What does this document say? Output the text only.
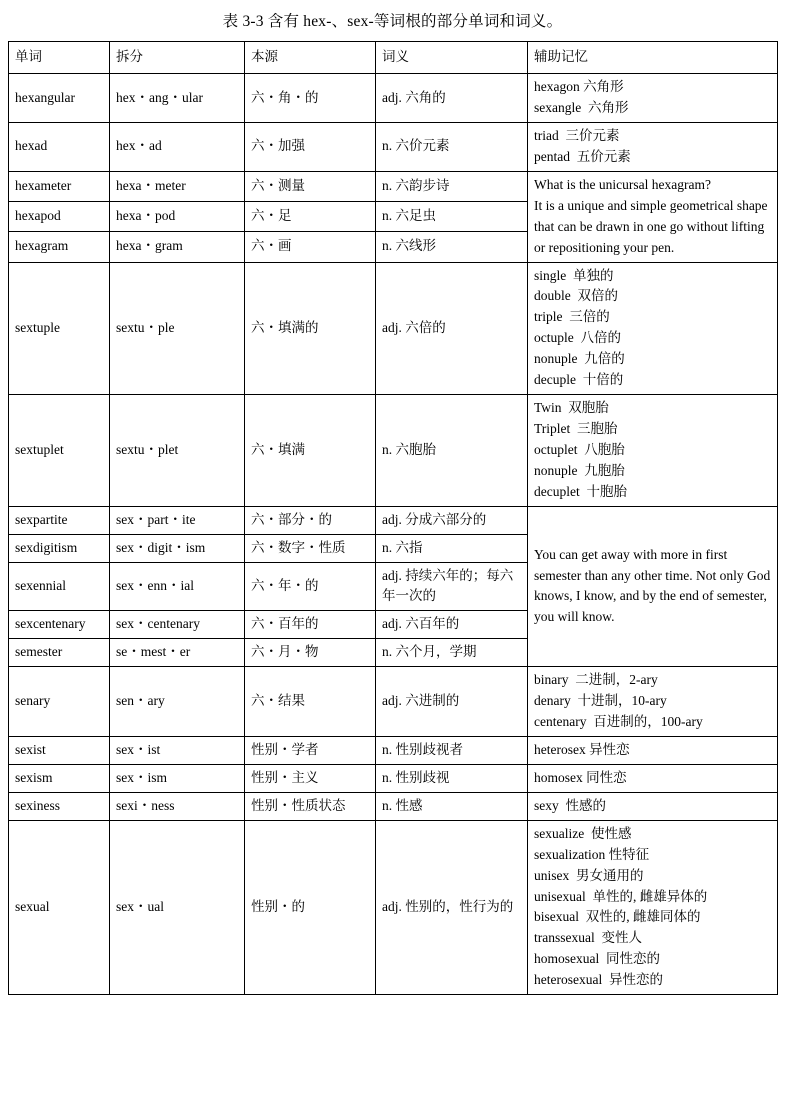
表 3-3 含有 hex-、sex-等词根的部分单词和词义。
单词	拆分	本源	词义	辅助记忆
hexangular	hex・ang・ular	六・角・的	adj. 六角的	hexagon 六角形
sexangle  六角形

hexad	hex・ad	六・加强	n. 六价元素	triad  三价元素
pentad  五价元素

hexameter	hexa・meter	六・测量	n. 六韵步诗	What is the unicursal hexagram?
It is a unique and simple geometrical shape that can be drawn in one go without lifting or repositioning your pen.

hexapod	hexa・pod	六・足	n. 六足虫	
hexagram	hexa・gram	六・画	n. 六线形	
sextuple	sextu・ple	六・填满的	adj. 六倍的	
single  单独的
double  双倍的
triple  三倍的
octuple  八倍的
nonuple  九倍的
decuple  十倍的

sextuplet	sextu・plet	六・填满	n. 六胞胎	Twin  双胞胎
Triplet  三胞胎
octuplet  八胞胎
nonuple  九胞胎
decuplet  十胞胎

sexpartite	sex・part・ite	六・部分・的	adj. 分成六部分的	You can get away with more in first semester than any other time. Not only God knows, I know, and by the end of semester, you will know.

sexdigitism	sex・digit・ism	六・数字・性质	n. 六指	
sexennial	sex・enn・ial	六・年・的	adj. 持续六年的；每六年一次的	
sexcentenary	sex・centenary	六・百年的	adj. 六百年的	
semester	se・mest・er	六・月・物	n. 六个月，学期	
senary	sen・ary	六・结果	adj. 六进制的	binary  二进制，2-ary
denary  十进制，10-ary
centenary  百进制的，100-ary

sexist	sex・ist	性别・学者	n. 性别歧视者	heterosex 异性恋

sexism	sex・ism	性别・主义	n. 性别歧视	homosex 同性恋

sexiness	sexi・ness	性别・性质状态	n. 性感	sexy  性感的

sexual	sex・ual	性别・的	adj. 性别的，性行为的	
sexualize  使性感
sexualization 性特征
unisex  男女通用的
unisexual  单性的, 雌雄异体的
bisexual  双性的, 雌雄同体的
transsexual  变性人
homosexual  同性恋的
heterosexual  异性恋的
